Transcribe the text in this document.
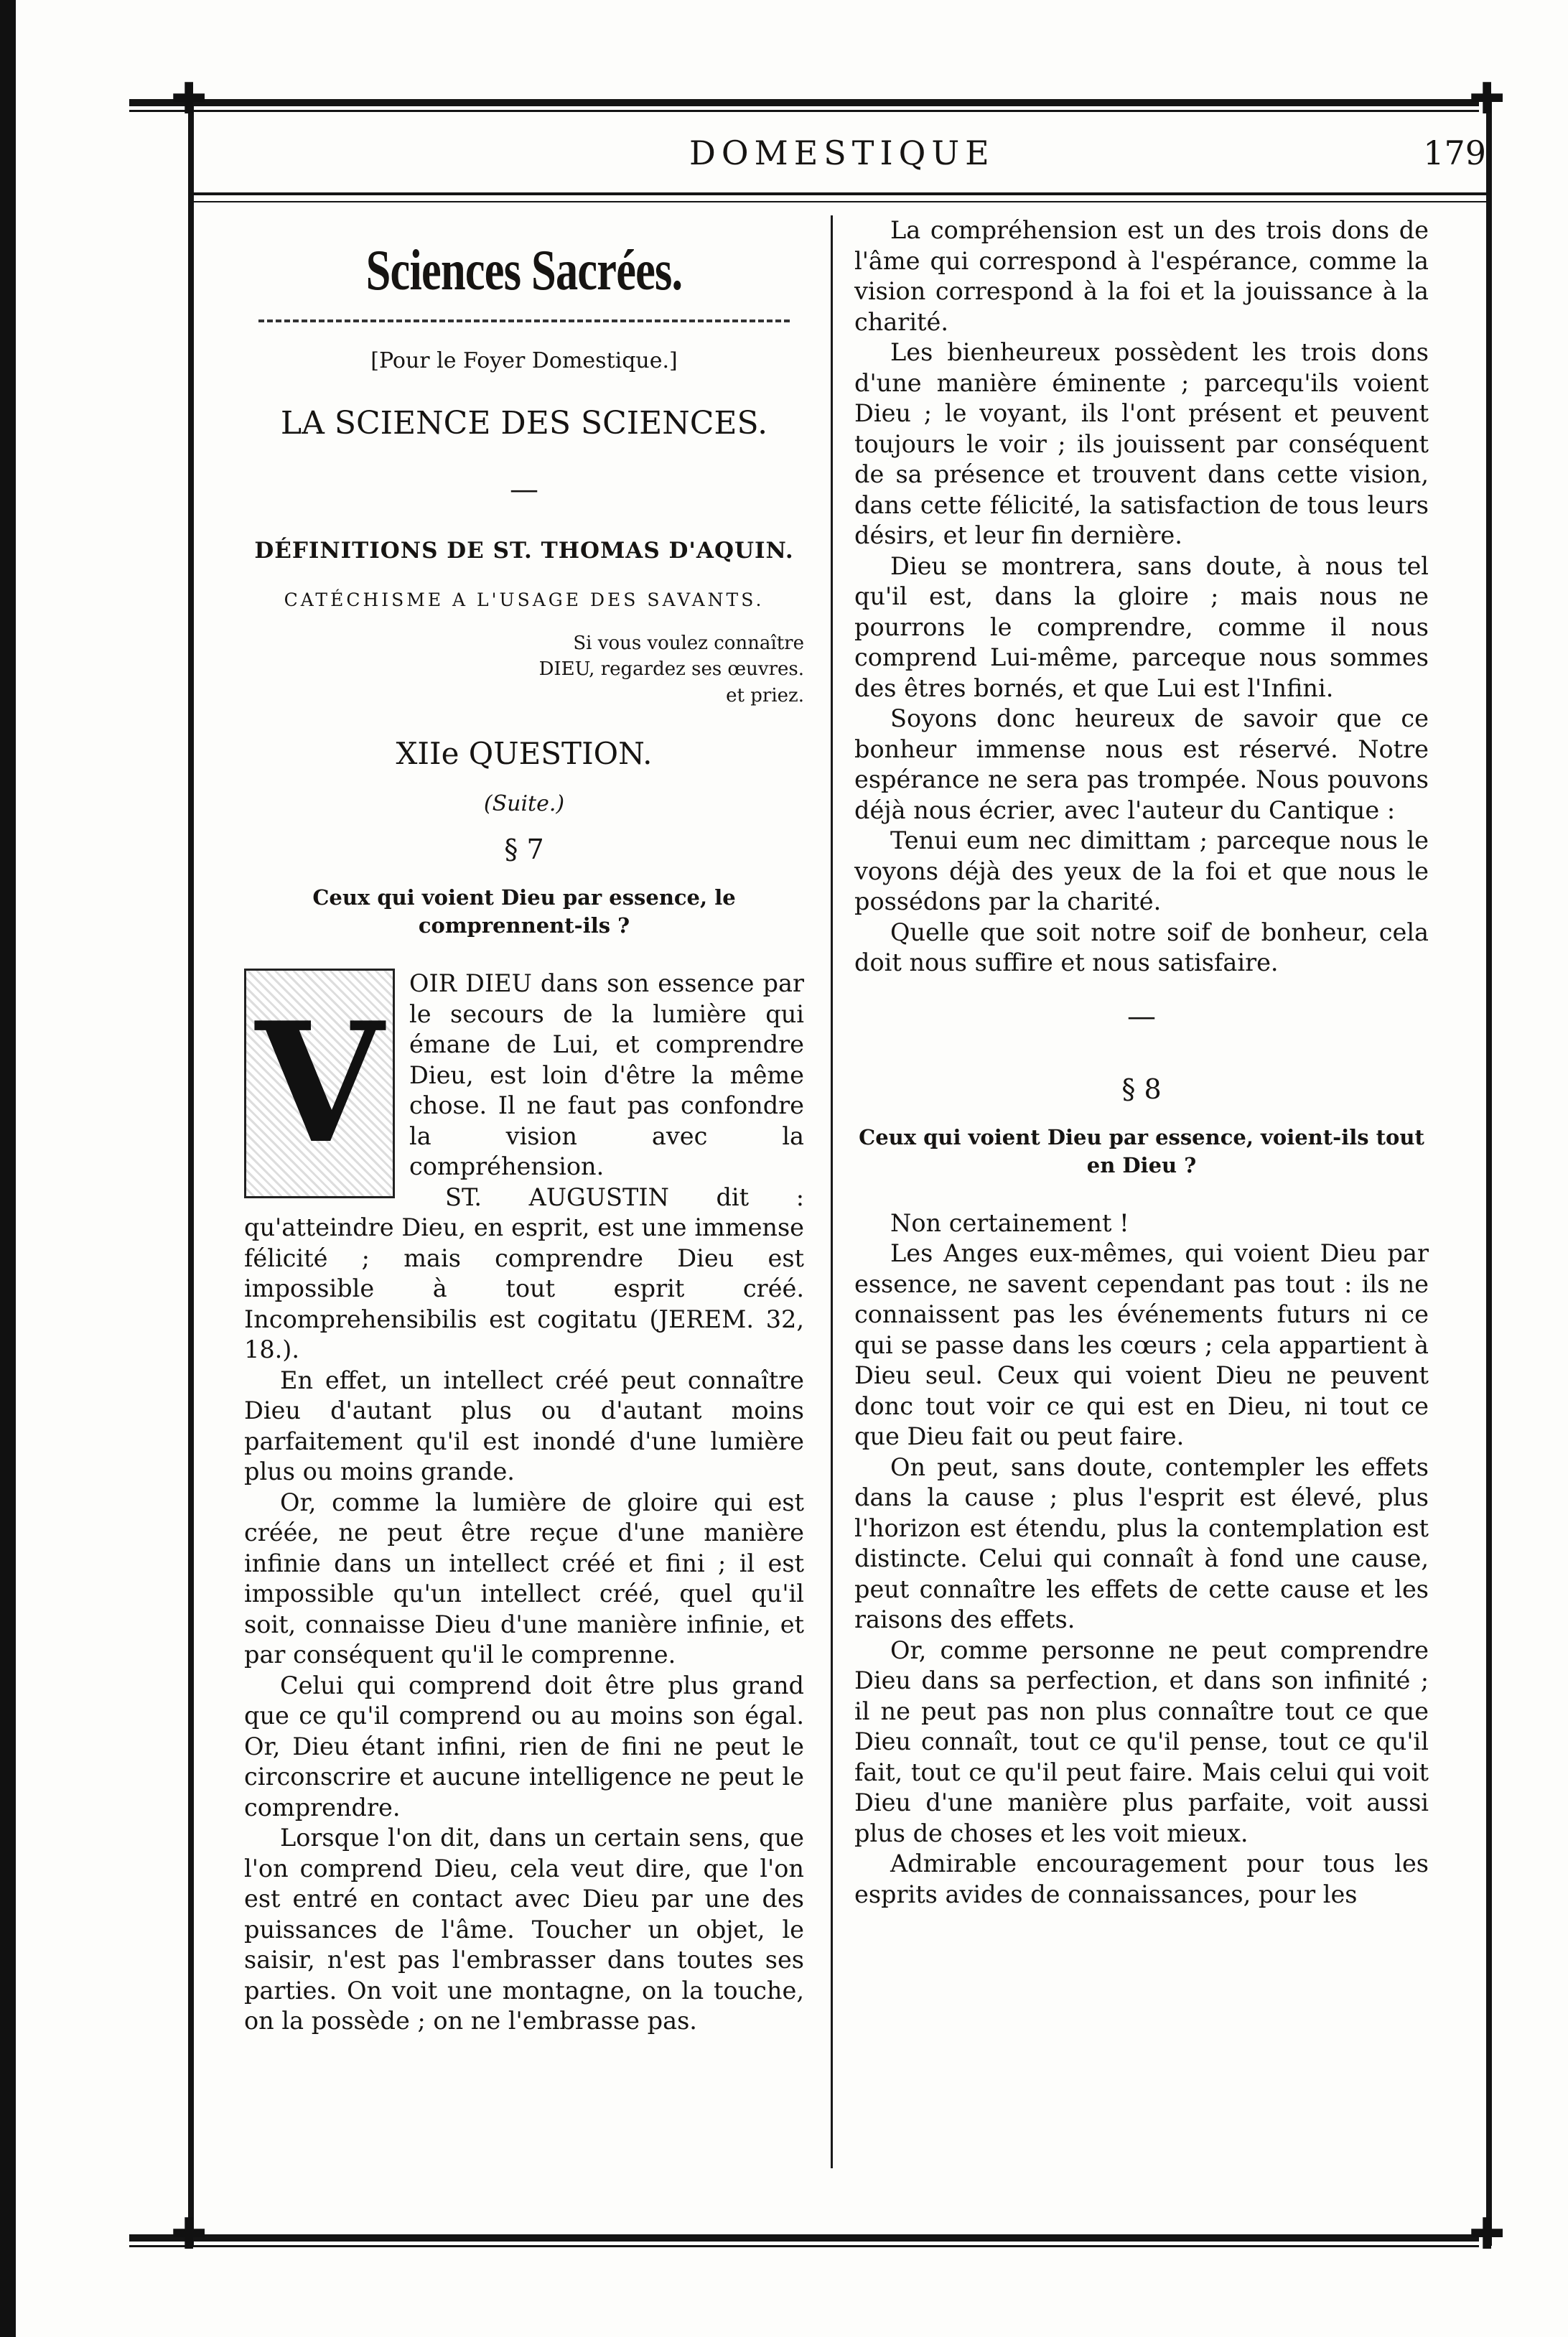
✚	✚
✚	✚
DOMESTIQUE	179
Sciences Sacrées.
[Pour le Foyer Domestique.]
LA SCIENCE DES SCIENCES.
—
DÉFINITIONS DE ST. THOMAS D'AQUIN.
CATÉCHISME A L'USAGE DES SAVANTS.
Si vous voulez connaître
DIEU, regardez ses œuvres.
et priez.
XIIe QUESTION.
(Suite.)
§ 7
Ceux qui voient Dieu par essence, le comprennent-ils ?
V

OIR DIEU dans son essence par le secours de la lumière qui émane de Lui, et comprendre Dieu, est loin d'être la même chose. Il ne faut pas confondre la vision avec la compréhension.

ST. AUGUSTIN dit : qu'atteindre Dieu, en esprit, est une immense félicité ; mais comprendre Dieu est impossible à tout esprit créé. Incomprehensibilis est cogitatu (JEREM. 32, 18.).

En effet, un intellect créé peut connaître Dieu d'autant plus ou d'autant moins parfaitement qu'il est inondé d'une lumière plus ou moins grande.

Or, comme la lumière de gloire qui est créée, ne peut être reçue d'une manière infinie dans un intellect créé et fini ; il est impossible qu'un intellect créé, quel qu'il soit, connaisse Dieu d'une manière infinie, et par conséquent qu'il le comprenne.

Celui qui comprend doit être plus grand que ce qu'il comprend ou au moins son égal. Or, Dieu étant infini, rien de fini ne peut le circonscrire et aucune intelligence ne peut le comprendre.

Lorsque l'on dit, dans un certain sens, que l'on comprend Dieu, cela veut dire, que l'on est entré en contact avec Dieu par une des puissances de l'âme. Toucher un objet, le saisir, n'est pas l'embrasser dans toutes ses parties. On voit une montagne, on la touche, on la possède ; on ne l'embrasse pas.

La compréhension est un des trois dons de l'âme qui correspond à l'espérance, comme la vision correspond à la foi et la jouissance à la charité.

Les bienheureux possèdent les trois dons d'une manière éminente ; parcequ'ils voient Dieu ; le voyant, ils l'ont présent et peuvent toujours le voir ; ils jouissent par conséquent de sa présence et trouvent dans cette vision, dans cette félicité, la satisfaction de tous leurs désirs, et leur fin dernière.

Dieu se montrera, sans doute, à nous tel qu'il est, dans la gloire ; mais nous ne pourrons le comprendre, comme il nous comprend Lui-même, parceque nous sommes des êtres bornés, et que Lui est l'Infini.

Soyons donc heureux de savoir que ce bonheur immense nous est réservé. Notre espérance ne sera pas trompée. Nous pouvons déjà nous écrier, avec l'auteur du Cantique :

Tenui eum nec dimittam ; parceque nous le voyons déjà des yeux de la foi et que nous le possédons par la charité.

Quelle que soit notre soif de bonheur, cela doit nous suffire et nous satisfaire.

—
§ 8
Ceux qui voient Dieu par essence, voient-ils tout en Dieu ?

Non certainement !

Les Anges eux-mêmes, qui voient Dieu par essence, ne savent cependant pas tout : ils ne connaissent pas les événements futurs ni ce qui se passe dans les cœurs ; cela appartient à Dieu seul. Ceux qui voient Dieu ne peuvent donc tout voir ce qui est en Dieu, ni tout ce que Dieu fait ou peut faire.

On peut, sans doute, contempler les effets dans la cause ; plus l'esprit est élevé, plus l'horizon est étendu, plus la contemplation est distincte. Celui qui connaît à fond une cause, peut connaître les effets de cette cause et les raisons des effets.

Or, comme personne ne peut comprendre Dieu dans sa perfection, et dans son infinité ; il ne peut pas non plus connaître tout ce que Dieu connaît, tout ce qu'il pense, tout ce qu'il fait, tout ce qu'il peut faire. Mais celui qui voit Dieu d'une manière plus parfaite, voit aussi plus de choses et les voit mieux.

Admirable encouragement pour tous les esprits avides de connaissances, pour les
